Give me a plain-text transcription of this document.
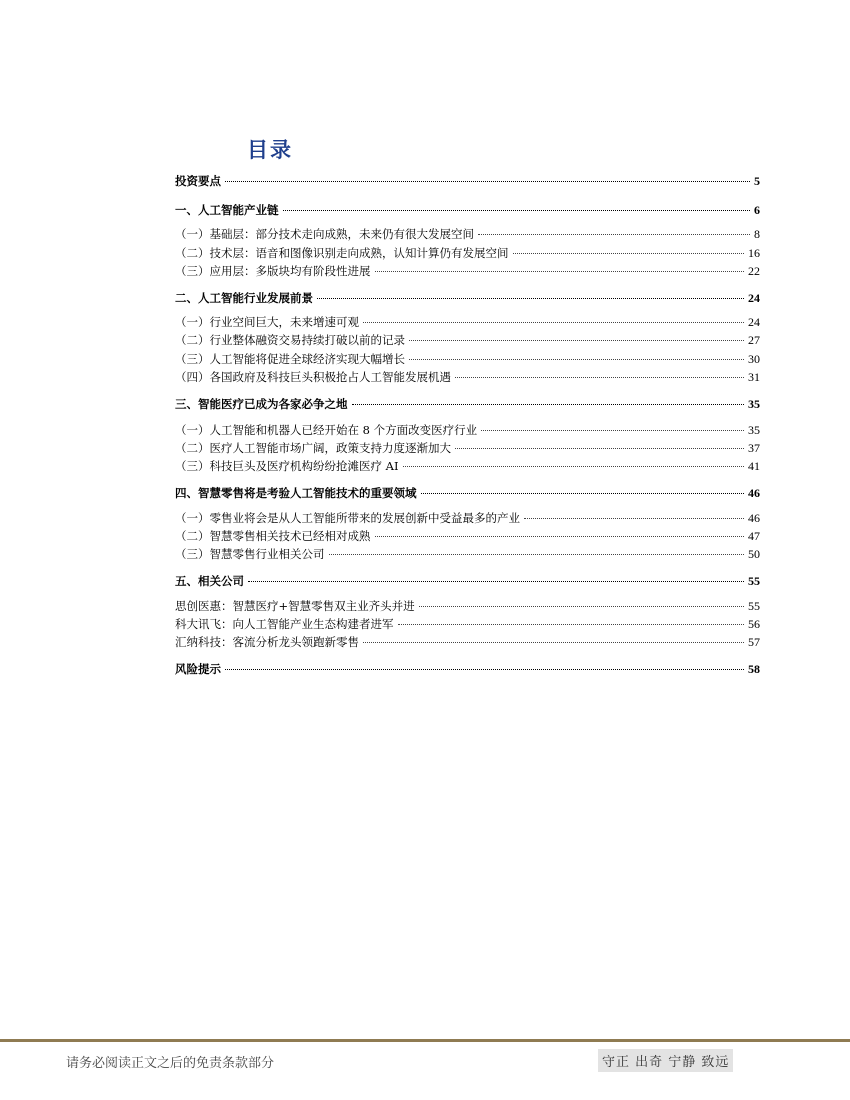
目录
投资要点	5
一、人工智能产业链	6
（一）基础层：部分技术走向成熟，未来仍有很大发展空间	8
（二）技术层：语音和图像识别走向成熟，认知计算仍有发展空间	16
（三）应用层：多版块均有阶段性进展	22
二、人工智能行业发展前景	24
（一）行业空间巨大，未来增速可观	24
（二）行业整体融资交易持续打破以前的记录	27
（三）人工智能将促进全球经济实现大幅增长	30
（四）各国政府及科技巨头积极抢占人工智能发展机遇	31
三、智能医疗已成为各家必争之地	35
（一）人工智能和机器人已经开始在 8 个方面改变医疗行业	35
（二）医疗人工智能市场广阔，政策支持力度逐渐加大	37
（三）科技巨头及医疗机构纷纷抢滩医疗 AI	41
四、智慧零售将是考验人工智能技术的重要领域	46
（一）零售业将会是从人工智能所带来的发展创新中受益最多的产业	46
（二）智慧零售相关技术已经相对成熟	47
（三）智慧零售行业相关公司	50
五、相关公司	55
思创医惠：智慧医疗+智慧零售双主业齐头并进	55
科大讯飞：向人工智能产业生态构建者进军	56
汇纳科技：客流分析龙头领跑新零售	57
风险提示	58
请务必阅读正文之后的免责条款部分	守正 出奇 宁静 致远
